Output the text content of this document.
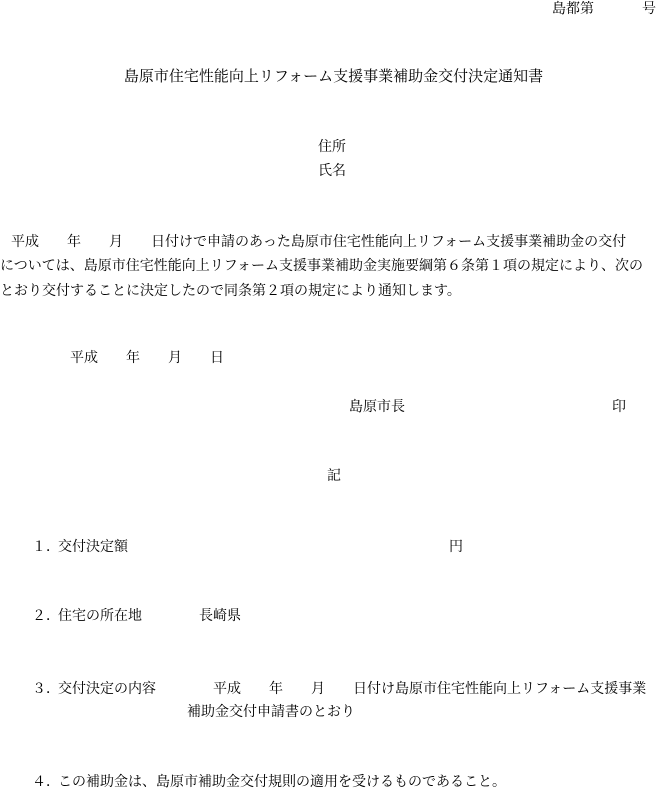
島都第	号
島原市住宅性能向上リフォーム支援事業補助金交付決定通知書
住所
氏名
平成　　年　　月　　日付けで申請のあった島原市住宅性能向上リフォーム支援事業補助金の交付
については、島原市住宅性能向上リフォーム支援事業補助金実施要綱第６条第１項の規定により、次の
とおり交付することに決定したので同条第２項の規定により通知します。
平成　　年　　月　　日
島原市長	印
記
１．交付決定額	円
２．住宅の所在地	長崎県
３．交付決定の内容	平成　　年　　月　　日付け島原市住宅性能向上リフォーム支援事業
補助金交付申請書のとおり
４．この補助金は、島原市補助金交付規則の適用を受けるものであること。
